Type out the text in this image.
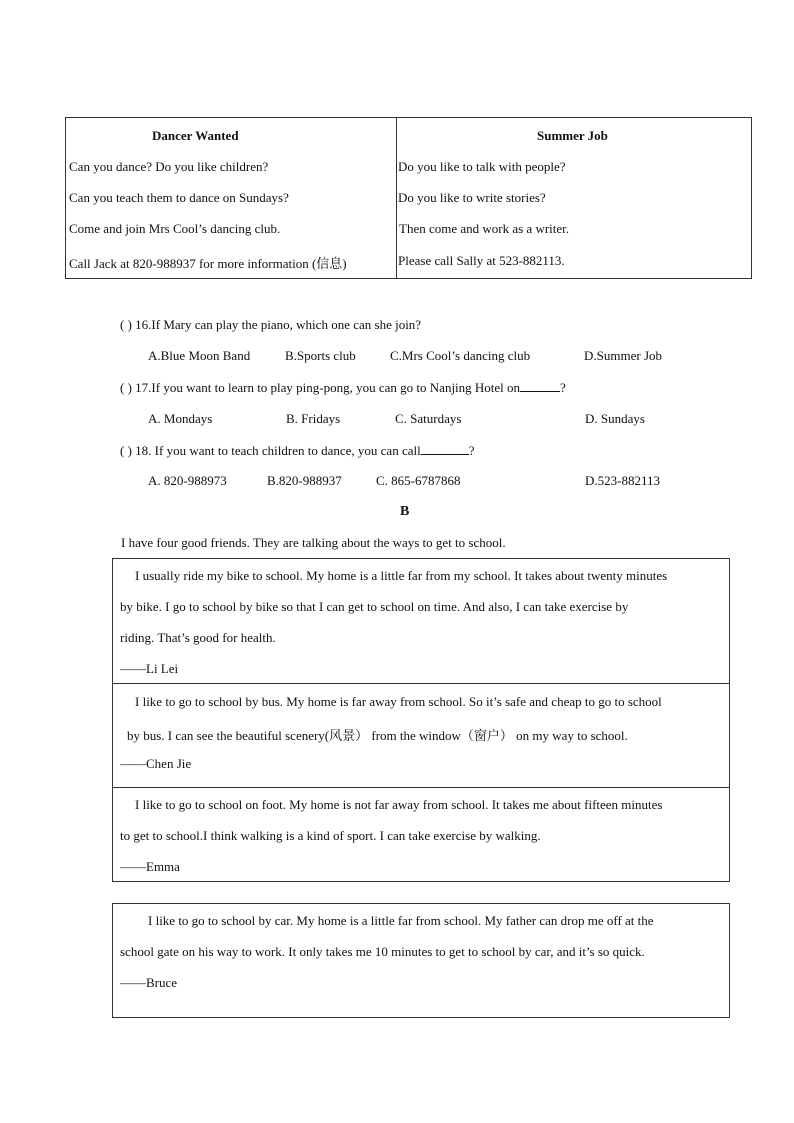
Dancer Wanted
Can you dance? Do you like children?
Can you teach them to dance on Sundays?
Come and join Mrs Cool’s dancing club.
Call Jack at 820-988937 for more information (信息)

Summer Job
Do you like to talk with people?
Do you like to write stories?
Then come and work as a writer.
Please call Sally at 523-882113.
( ) 16.If Mary can play the piano, which one can she join?
A.Blue Moon Band	B.Sports club	C.Mrs Cool’s dancing club	D.Summer Job
( ) 17.If you want to learn to play ping-pong, you can go to Nanjing Hotel on	?
A. Mondays	B. Fridays	C. Saturdays	D. Sundays
( ) 18. If you want to teach children to dance, you can call	?
A. 820-988973	B.820-988937	C. 865-6787868	D.523-882113
B
I have four good friends. They are talking about the ways to get to school.
I usually ride my bike to school. My home is a little far from my school. It takes about twenty minutes
by bike. I go to school by bike so that I can get to school on time. And also, I can take exercise by
riding. That’s good for health.
——Li Lei
I like to go to school by bus. My home is far away from school. So it’s safe and cheap to go to school
by bus. I can see the beautiful scenery(风景） from the window（窗户） on my way to school.
——Chen Jie
I like to go to school on foot. My home is not far away from school. It takes me about fifteen minutes
to get to school.I think walking is a kind of sport. I can take exercise by walking.
——Emma
I like to go to school by car. My home is a little far from school. My father can drop me off at the
school gate on his way to work. It only takes me 10 minutes to get to school by car, and it’s so quick.
——Bruce
